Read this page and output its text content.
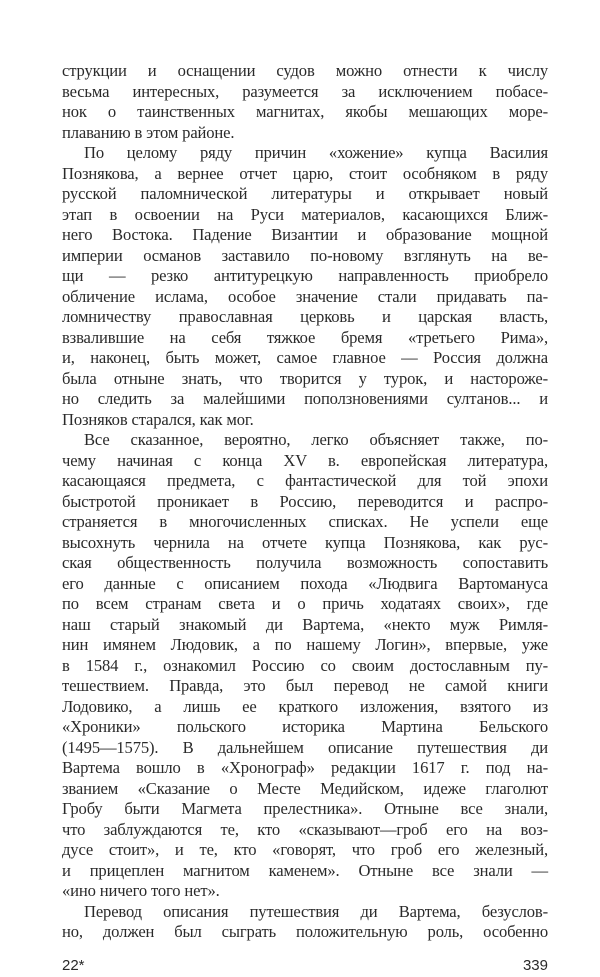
струкции и оснащении судов можно отнести к числу
весьма интересных, разумеется за исключением побасе-
нок о таинственных магнитах, якобы мешающих море-
плаванию в этом районе.
По целому ряду причин «хожение» купца Василия
Познякова, а вернее отчет царю, стоит особняком в ряду
русской паломнической литературы и открывает новый
этап в освоении на Руси материалов, касающихся Ближ-
него Востока. Падение Византии и образование мощной
империи османов заставило по-новому взглянуть на ве-
щи — резко антитурецкую направленность приобрело
обличение ислама, особое значение стали придавать па-
ломничеству православная церковь и царская власть,
взвалившие на себя тяжкое бремя «третьего Рима»,
и, наконец, быть может, самое главное — Россия должна
была отныне знать, что творится у турок, и настороже-
но следить за малейшими поползновениями султанов... и
Позняков старался, как мог.
Все сказанное, вероятно, легко объясняет также, по-
чему начиная с конца XV в. европейская литература,
касающаяся предмета, с фантастической для той эпохи
быстротой проникает в Россию, переводится и распро-
страняется в многочисленных списках. Не успели еще
высохнуть чернила на отчете купца Познякова, как рус-
ская общественность получила возможность сопоставить
его данные с описанием похода «Людвига Вартомануса
по всем странам света и о причь ходатаях своих», где
наш старый знакомый ди Вартема, «некто муж Римля-
нин имянем Людовик, а по нашему Логин», впервые, уже
в 1584 г., ознакомил Россию со своим достославным пу-
тешествием. Правда, это был перевод не самой книги
Лодовико, а лишь ее краткого изложения, взятого из
«Хроники» польского историка Мартина Бельского
(1495—1575). В дальнейшем описание путешествия ди
Вартема вошло в «Хронограф» редакции 1617 г. под на-
званием «Сказание о Месте Медийском, идеже глаголют
Гробу быти Магмета прелестника». Отныне все знали,
что заблуждаются те, кто «сказывают—гроб его на воз-
дусе стоит», и те, кто «говорят, что гроб его железный,
и прицеплен магнитом каменем». Отныне все знали —
«ино ничего того нет».
Перевод описания путешествия ди Вартема, безуслов-
но, должен был сыграть положительную роль, особенно
22*	339
